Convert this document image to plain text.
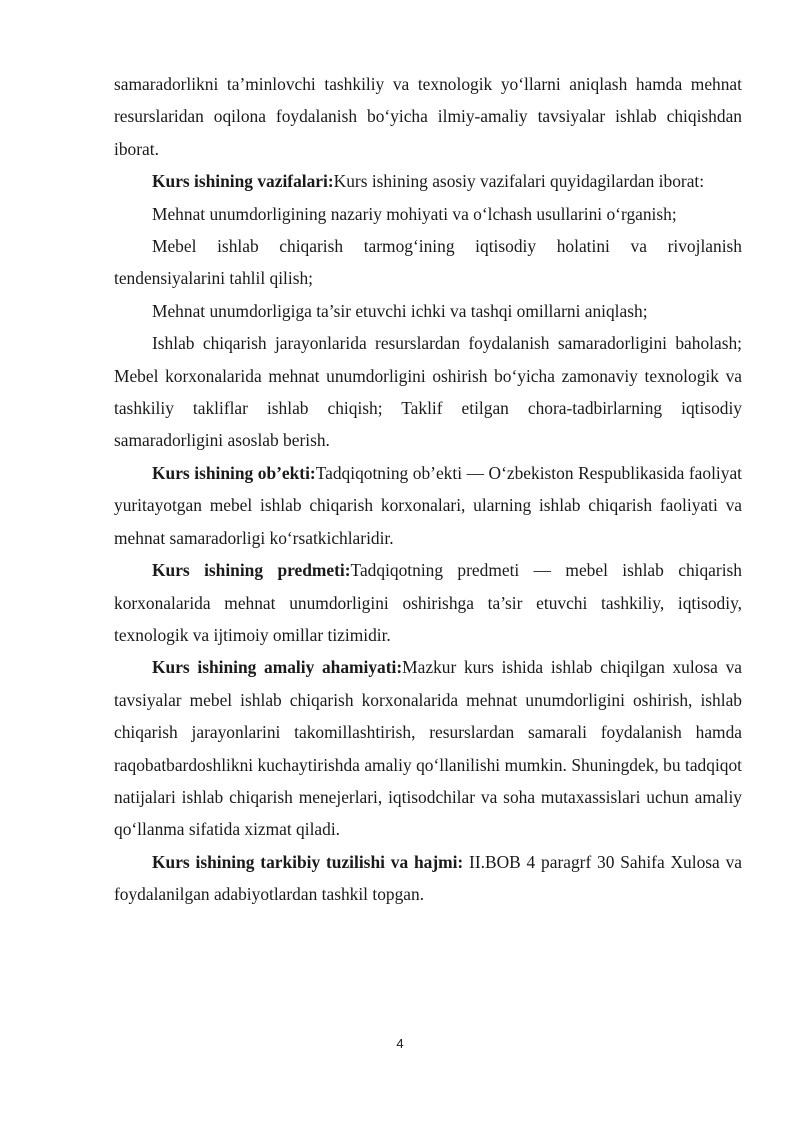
samaradorlikni ta’minlovchi tashkiliy va texnologik yo‘llarni aniqlash hamda mehnat resurslaridan oqilona foydalanish bo‘yicha ilmiy-amaliy tavsiyalar ishlab chiqishdan iborat.

Kurs ishining vazifalari:Kurs ishining asosiy vazifalari quyidagilardan iborat:

Mehnat unumdorligining nazariy mohiyati va o‘lchash usullarini o‘rganish;

Mebel ishlab chiqarish tarmog‘ining iqtisodiy holatini va rivojlanish tendensiyalarini tahlil qilish;

Mehnat unumdorligiga ta’sir etuvchi ichki va tashqi omillarni aniqlash;

Ishlab chiqarish jarayonlarida resurslardan foydalanish samaradorligini baholash; Mebel korxonalarida mehnat unumdorligini oshirish bo‘yicha zamonaviy texnologik va tashkiliy takliflar ishlab chiqish; Taklif etilgan chora-tadbirlarning iqtisodiy samaradorligini asoslab berish.

Kurs ishining ob’ekti:Tadqiqotning ob’ekti — O‘zbekiston Respublikasida faoliyat yuritayotgan mebel ishlab chiqarish korxonalari, ularning ishlab chiqarish faoliyati va mehnat samaradorligi ko‘rsatkichlaridir.

Kurs ishining predmeti:Tadqiqotning predmeti — mebel ishlab chiqarish korxonalarida mehnat unumdorligini oshirishga ta’sir etuvchi tashkiliy, iqtisodiy, texnologik va ijtimoiy omillar tizimidir.

Kurs ishining amaliy ahamiyati:Mazkur kurs ishida ishlab chiqilgan xulosa va tavsiyalar mebel ishlab chiqarish korxonalarida mehnat unumdorligini oshirish, ishlab chiqarish jarayonlarini takomillashtirish, resurslardan samarali foydalanish hamda raqobatbardoshlikni kuchaytirishda amaliy qo‘llanilishi mumkin. Shuningdek, bu tadqiqot natijalari ishlab chiqarish menejerlari, iqtisodchilar va soha mutaxassislari uchun amaliy qo‘llanma sifatida xizmat qiladi.

Kurs ishining tarkibiy tuzilishi va hajmi: II.BOB 4 paragrf 30 Sahifa Xulosa va foydalanilgan adabiyotlardan tashkil topgan.

4
